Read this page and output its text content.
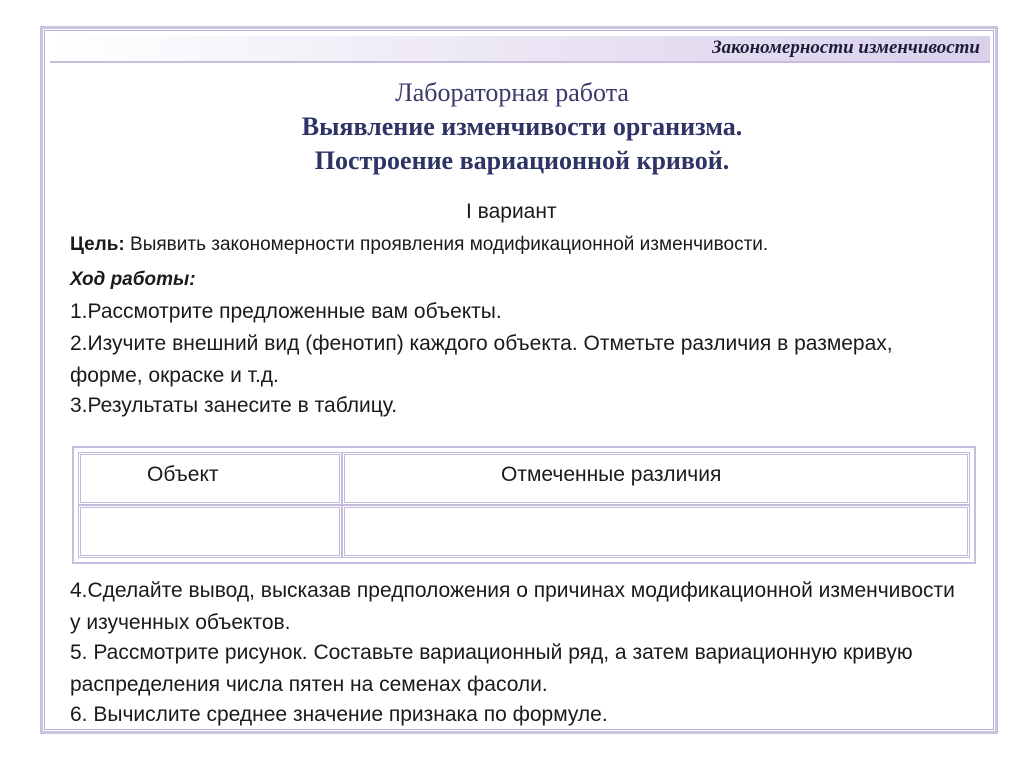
Закономерности изменчивости
Лабораторная работа
Выявление изменчивости организма.
Построение вариационной кривой.
I вариант
Цель: Выявить закономерности проявления модификационной изменчивости.
Ход работы:
1.Рассмотрите предложенные вам объекты.
2.Изучите внешний вид (фенотип) каждого объекта. Отметьте различия в размерах, форме, окраске и т.д.
3.Результаты занесите в таблицу.
Объект	Отмеченные различия
4.Сделайте вывод, высказав предположения о причинах модификационной изменчивости у изученных объектов.
5. Рассмотрите рисунок. Составьте вариационный ряд, а затем вариационную кривую распределения числа пятен на семенах фасоли.
6. Вычислите среднее значение признака по формуле.
